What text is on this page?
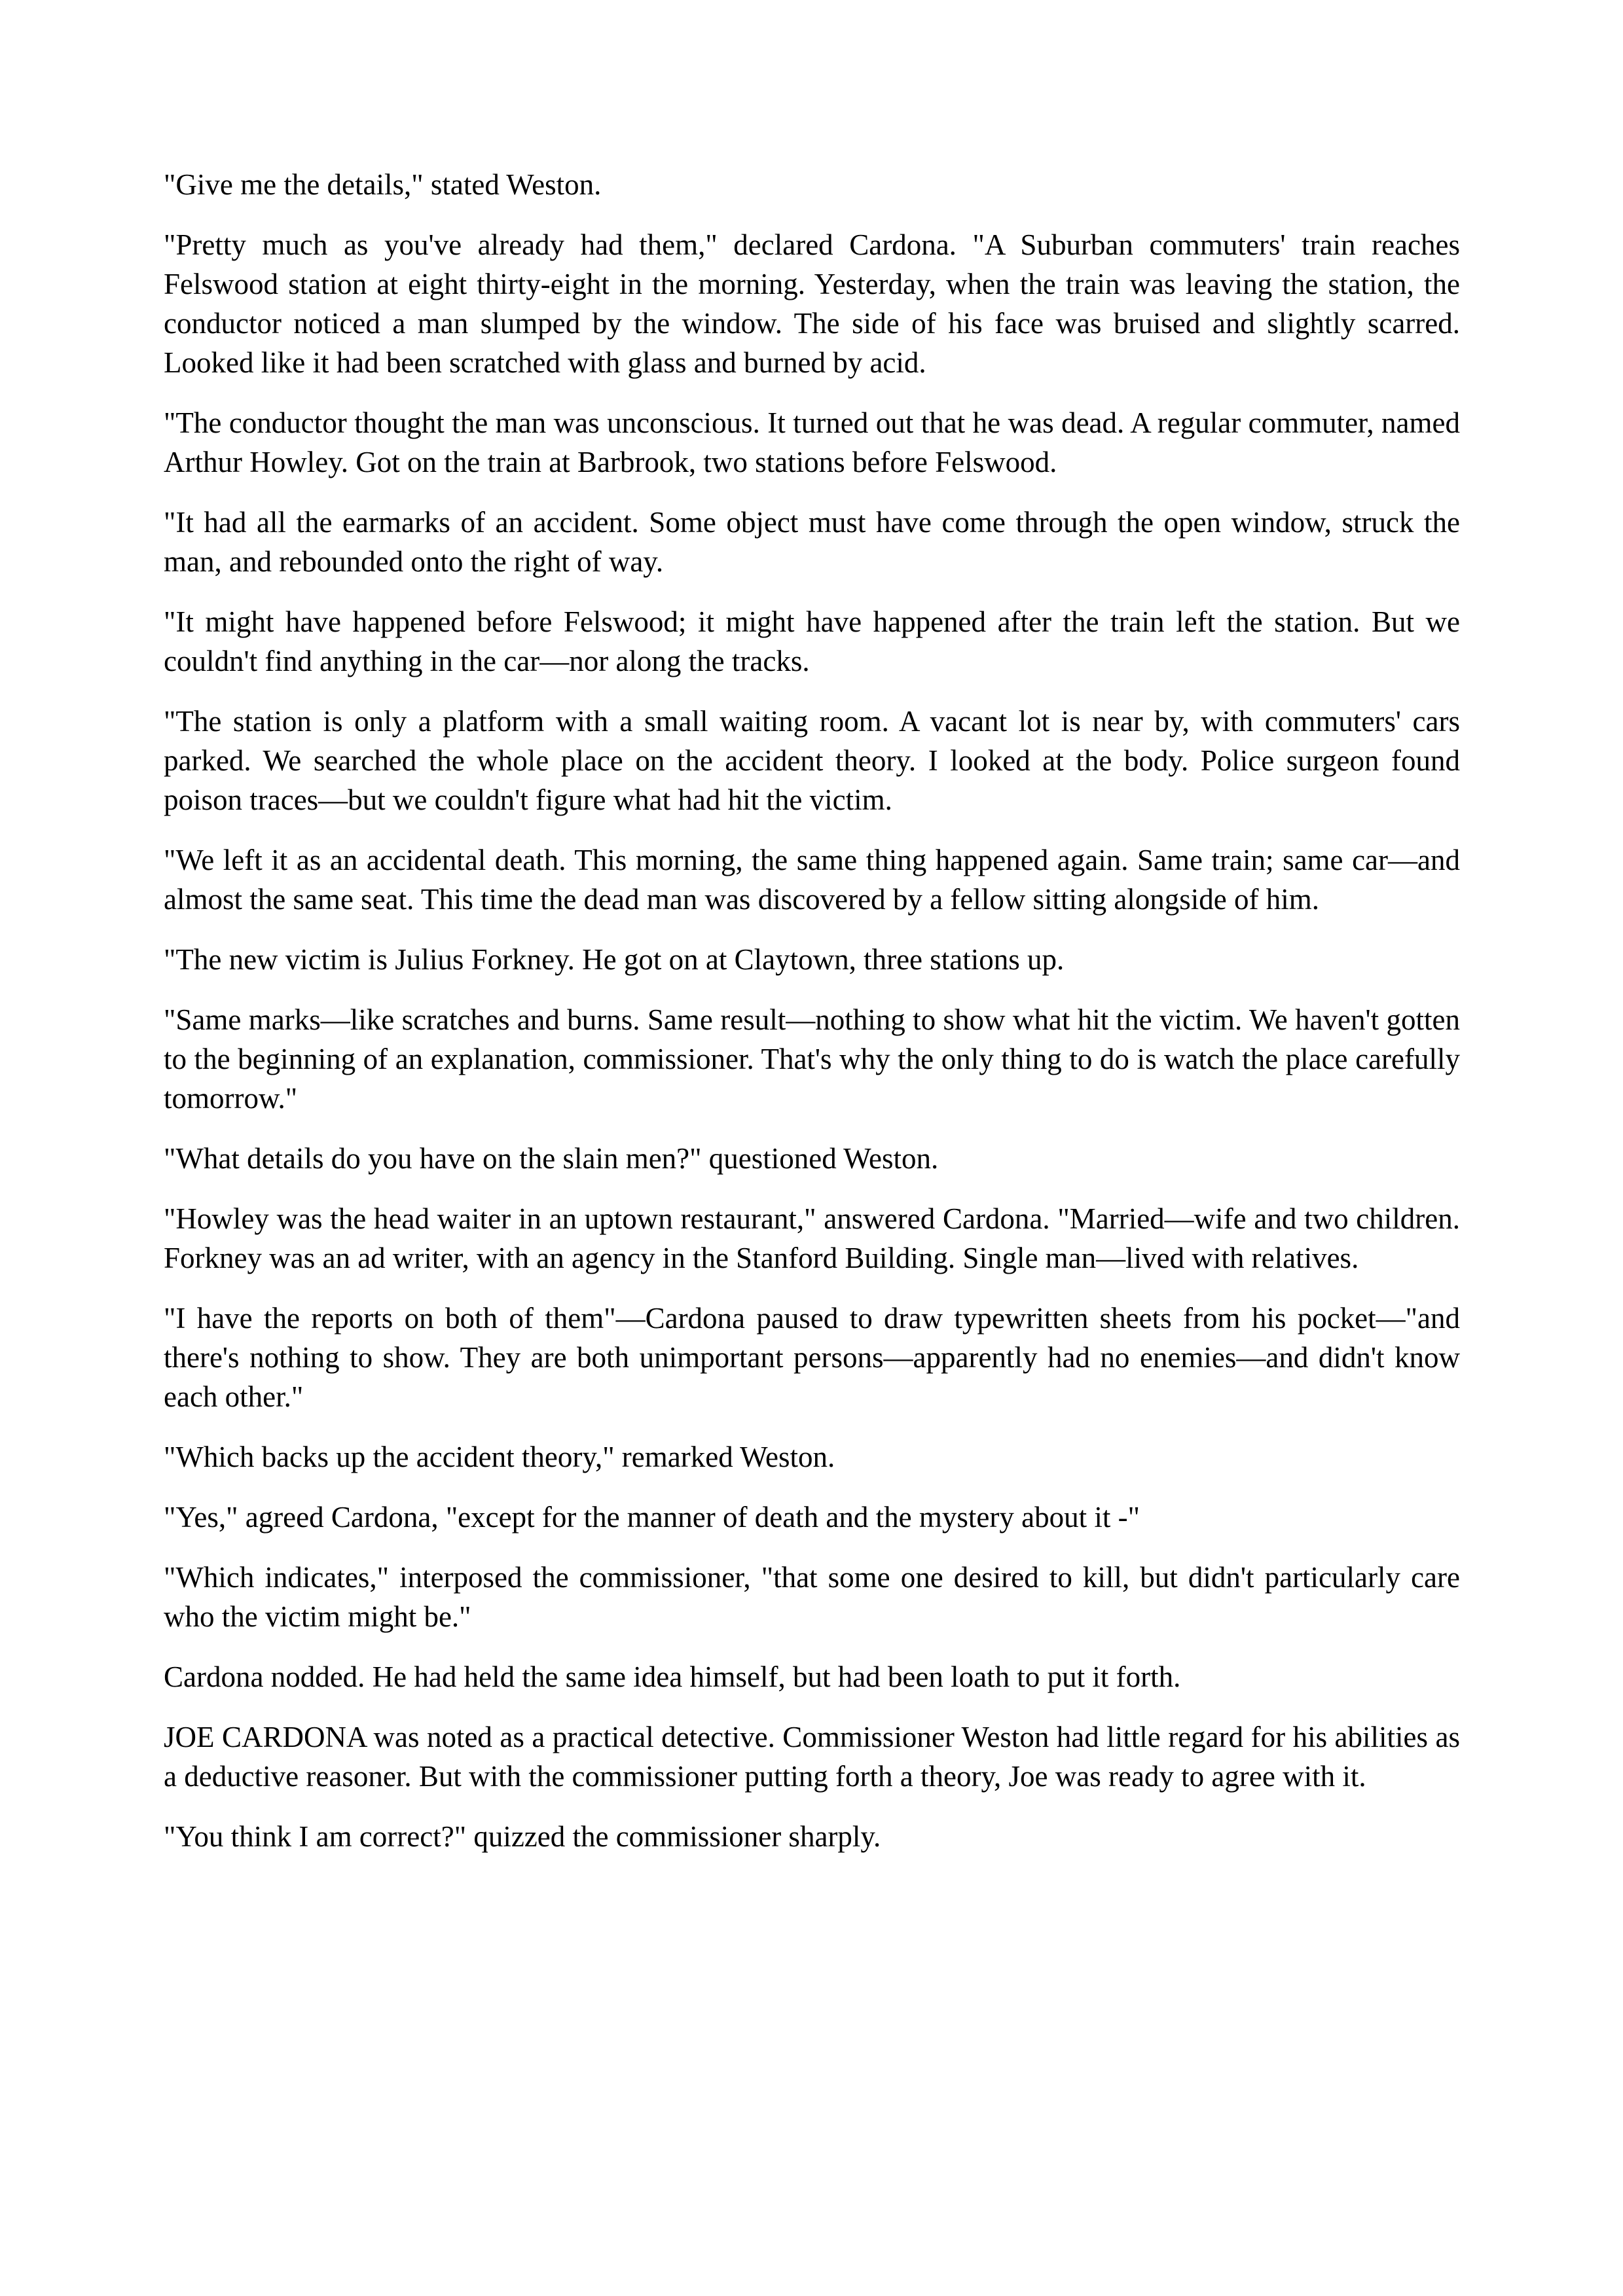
"Give me the details," stated Weston.

"Pretty much as you've already had them," declared Cardona. "A Suburban commuters' train reaches Felswood station at eight thirty-eight in the morning. Yesterday, when the train was leaving the station, the conductor noticed a man slumped by the window. The side of his face was bruised and slightly scarred. Looked like it had been scratched with glass and burned by acid.

"The conductor thought the man was unconscious. It turned out that he was dead. A regular commuter, named Arthur Howley. Got on the train at Barbrook, two stations before Felswood.

"It had all the earmarks of an accident. Some object must have come through the open window, struck the man, and rebounded onto the right of way.

"It might have happened before Felswood; it might have happened after the train left the station. But we couldn't find anything in the car—nor along the tracks.

"The station is only a platform with a small waiting room. A vacant lot is near by, with commuters' cars parked. We searched the whole place on the accident theory. I looked at the body. Police surgeon found poison traces—but we couldn't figure what had hit the victim.

"We left it as an accidental death. This morning, the same thing happened again. Same train; same car—and almost the same seat. This time the dead man was discovered by a fellow sitting alongside of him.

"The new victim is Julius Forkney. He got on at Claytown, three stations up.

"Same marks—like scratches and burns. Same result—nothing to show what hit the victim. We haven't gotten to the beginning of an explanation, commissioner. That's why the only thing to do is watch the place carefully tomorrow."

"What details do you have on the slain men?" questioned Weston.

"Howley was the head waiter in an uptown restaurant," answered Cardona. "Married—wife and two children. Forkney was an ad writer, with an agency in the Stanford Building. Single man—lived with relatives.

"I have the reports on both of them"—Cardona paused to draw typewritten sheets from his pocket—"and there's nothing to show. They are both unimportant persons—apparently had no enemies—and didn't know each other."

"Which backs up the accident theory," remarked Weston.

"Yes," agreed Cardona, "except for the manner of death and the mystery about it -"

"Which indicates," interposed the commissioner, "that some one desired to kill, but didn't particularly care who the victim might be."

Cardona nodded. He had held the same idea himself, but had been loath to put it forth.

JOE CARDONA was noted as a practical detective. Commissioner Weston had little regard for his abilities as a deductive reasoner. But with the commissioner putting forth a theory, Joe was ready to agree with it.

"You think I am correct?" quizzed the commissioner sharply.
